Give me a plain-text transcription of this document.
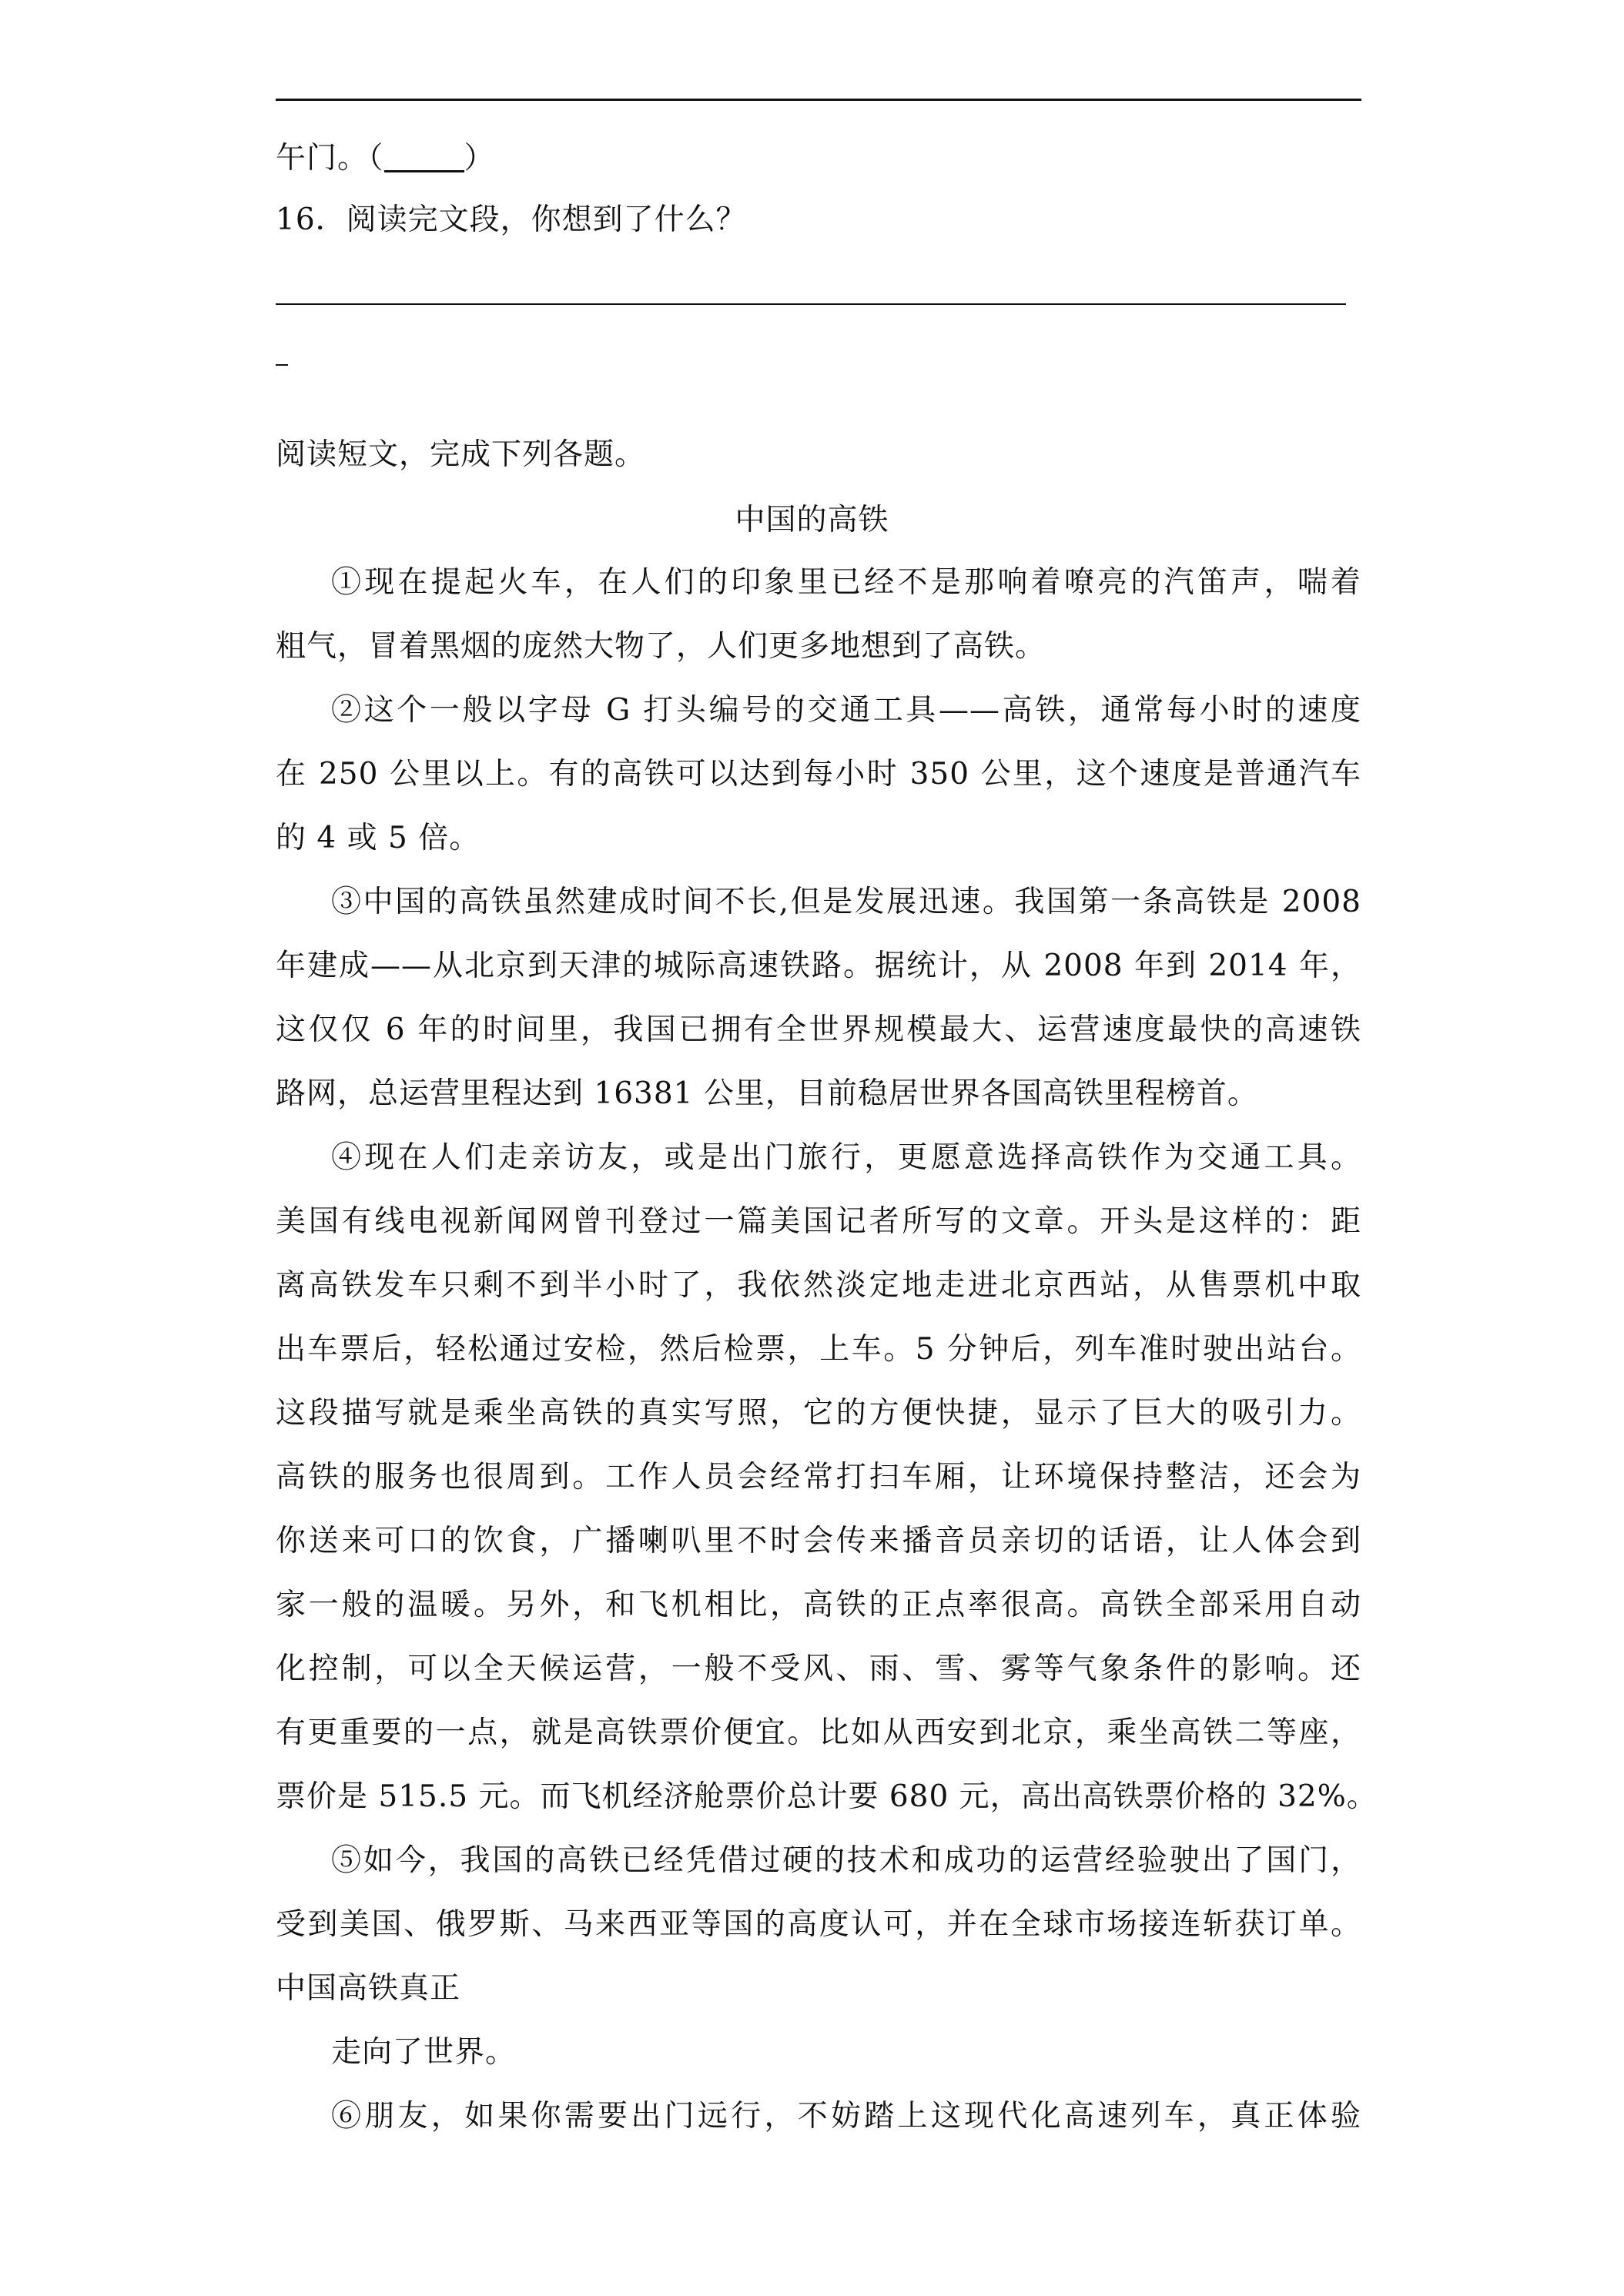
午门。（	）
16．阅读完文段，你想到了什么？
阅读短文，完成下列各题。
中国的高铁
①现在提起火车，在人们的印象里已经不是那响着嘹亮的汽笛声，喘着
粗气，冒着黑烟的庞然大物了，人们更多地想到了高铁。
②这个一般以字母 G 打头编号的交通工具——高铁，通常每小时的速度
在 250 公里以上。有的高铁可以达到每小时 350 公里，这个速度是普通汽车
的 4 或 5 倍。
③中国的高铁虽然建成时间不长,但是发展迅速。我国第一条高铁是 2008
年建成——从北京到天津的城际高速铁路。据统计，从 2008 年到 2014 年，
这仅仅 6 年的时间里，我国已拥有全世界规模最大、运营速度最快的高速铁
路网，总运营里程达到 16381 公里，目前稳居世界各国高铁里程榜首。
④现在人们走亲访友，或是出门旅行，更愿意选择高铁作为交通工具。
美国有线电视新闻网曾刊登过一篇美国记者所写的文章。开头是这样的：距
离高铁发车只剩不到半小时了，我依然淡定地走进北京西站，从售票机中取
出车票后，轻松通过安检，然后检票，上车。5 分钟后，列车准时驶出站台。
这段描写就是乘坐高铁的真实写照，它的方便快捷，显示了巨大的吸引力。
高铁的服务也很周到。工作人员会经常打扫车厢，让环境保持整洁，还会为
你送来可口的饮食，广播喇叭里不时会传来播音员亲切的话语，让人体会到
家一般的温暖。另外，和飞机相比，高铁的正点率很高。高铁全部采用自动
化控制，可以全天候运营，一般不受风、雨、雪、雾等气象条件的影响。还
有更重要的一点，就是高铁票价便宜。比如从西安到北京，乘坐高铁二等座，
票价是 515.5 元。而飞机经济舱票价总计要 680 元，高出高铁票价格的 32%。
⑤如今，我国的高铁已经凭借过硬的技术和成功的运营经验驶出了国门，
受到美国、俄罗斯、马来西亚等国的高度认可，并在全球市场接连斩获订单。
中国高铁真正
走向了世界。
⑥朋友，如果你需要出门远行，不妨踏上这现代化高速列车，真正体验
